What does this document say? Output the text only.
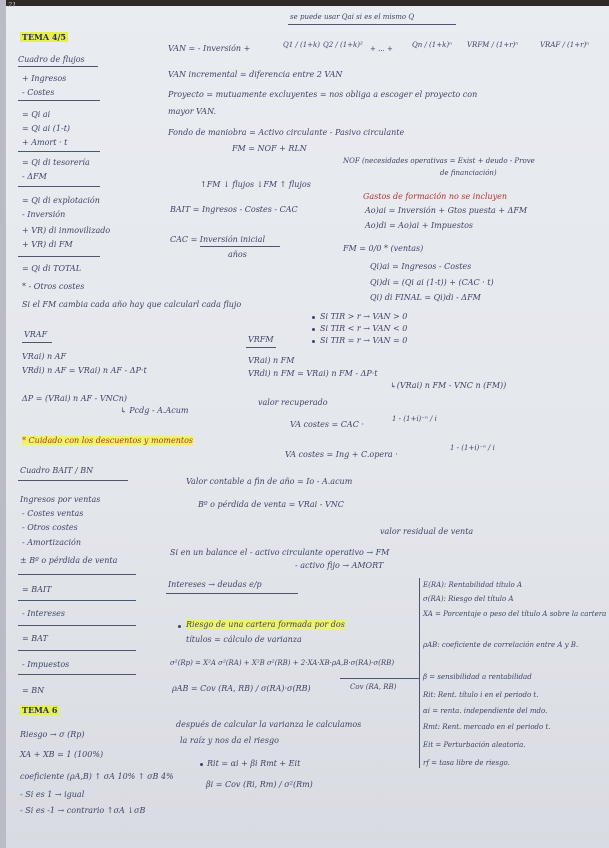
21
TEMA 4/5
Cuadro de flujos
+ Ingresos
- Costes
= Qi ai
= Qi ai (1-t)
+ Amort · t
= Qi di tesorería
- ΔFM
= Qi di explotación
- Inversión
+ VR) di inmovilizado
+ VR) di FM
= Qi di TOTAL
* - Otros costes
Si el FM cambia cada año hay que calcularl cada flujo
se puede usar Qai si es el mismo Q
VAN = - Inversión +	Q1 / (1+k) Q2 / (1+k)² + ... +	Qn / (1+k)ⁿ VRFM / (1+r)ⁿ	VRAF / (1+r)ⁿ
VAN incremental = diferencia entre 2 VAN
Proyecto = mutuamente excluyentes = nos obliga a escoger el proyecto con
mayor VAN.
Fondo de maniobra = Activo circulante - Pasivo circulante
FM = NOF + RLN
NOF (necesidades operativas = Exist + deudo - Prove
de financiación)
↑FM ↓ flujos ↓FM ↑ flujos
Gastos de formación no se incluyen
Ao)ai = Inversión + Gtos puesta + ΔFM
Ao)di = Ao)ai + Impuestos
BAIT = Ingresos - Costes - CAC
CAC = Inversión inicial
años
FM = 0/0 * (ventas)
Qi)ai = Ingresos - Costes
Qi)di = (Qi ai (1-t)) + (CAC · t)
Qi) di FINAL = Qi)di - ΔFM
Si TIR > r → VAN > 0
Si TIR < r → VAN < 0
Si TIR = r → VAN = 0
VRAF
VRai) n AF
VRdi) n AF = VRai) n AF - ΔP·t
ΔP = (VRai) n AF - VNCn)
↳ Pcdg - A.Acum
VRFM
VRai) n FM
VRdi) n FM = VRai) n FM - ΔP·t
↳(VRai) n FM - VNC n (FM))
valor recuperado
VA costes = CAC ·
1 - (1+i)⁻ⁿ / i
* Cuidado con los descuentos y momentos
VA costes = Ing + C.opera ·
1 - (1+i)⁻ⁿ / i
Cuadro BAIT / BN
Ingresos por ventas
- Costes ventas
- Otros costes
- Amortización
± Bº o pérdida de venta
= BAIT
- Intereses
= BAT
- Impuestos
= BN
Valor contable a fin de año = Io - A.acum
Bº o pérdida de venta = VRai - VNC
valor residual de venta
Si en un balance el - activo circulante operativo → FM
- activo fijo → AMORT
Intereses → deudas e/p
TEMA 6
Riesgo → σ (Rp)
XA + XB = 1 (100%)
coeficiente (ρA,B) ↑ σA 10% ↑ σB 4%
- Si es 1 → igual
- Si es -1 → contrario ↑σA ↓σB
Riesgo de una cartera formada por dos
títulos = cálculo de varianza
σ²(Rp) = X²A σ²(RA) + X²B σ²(RB) + 2·XA·XB·ρA,B·σ(RA)·σ(RB)
ρAB = Cov (RA, RB) / σ(RA)·σ(RB)	Cov (RA, RB)
después de calcular la varianza le calculamos
la raíz y nos da el riesgo
Rit = αi + βi Rmt + Eit
βi = Cov (Ri, Rm) / σ²(Rm)
E(RA): Rentabilidad título A
σ(RA): Riesgo del título A
XA = Porcentaje o peso del título A sobre la cartera
ρAB: coeficiente de correlación entre A y B.
β = sensibilidad a rentabilidad
Rit: Rent. título i en el periodo t.
αi = renta. independiente del mdo.
Rmt: Rent. mercado en el periodo t.
Eit = Perturbación aleatoria.
rf = tasa libre de riesgo.
